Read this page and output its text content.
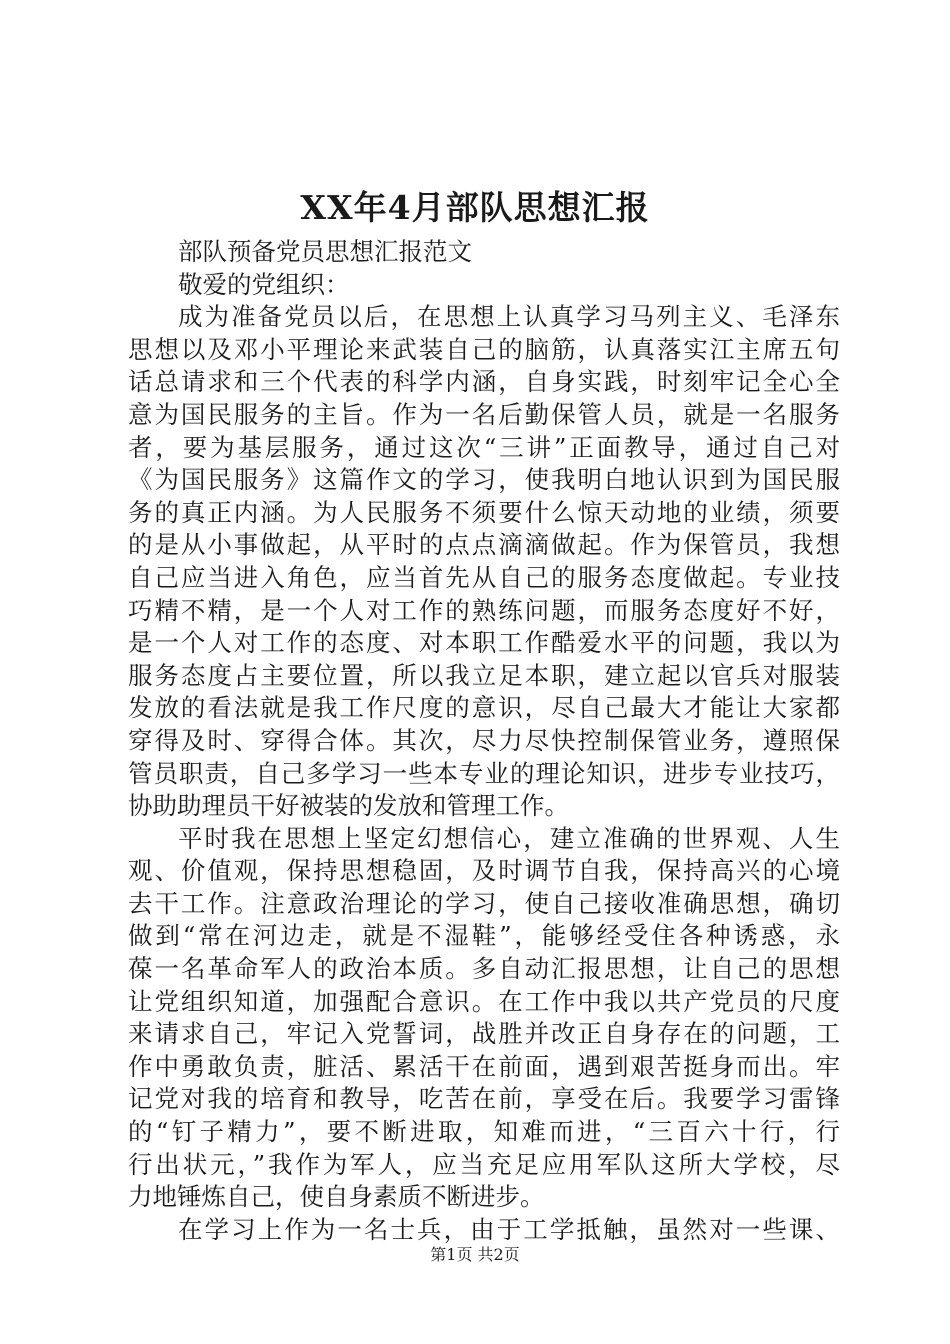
XX年4月部队思想汇报
部队预备党员思想汇报范文
敬爱的党组织：
成为准备党员以后，在思想上认真学习马列主义、毛泽东
思想以及邓小平理论来武装自己的脑筋，认真落实江主席五句
话总请求和三个代表的科学内涵，自身实践，时刻牢记全心全
意为国民服务的主旨。作为一名后勤保管人员，就是一名服务
者，要为基层服务，通过这次“三讲”正面教导，通过自己对
《为国民服务》这篇作文的学习，使我明白地认识到为国民服
务的真正内涵。为人民服务不须要什么惊天动地的业绩，须要
的是从小事做起，从平时的点点滴滴做起。作为保管员，我想
自己应当进入角色，应当首先从自己的服务态度做起。专业技
巧精不精，是一个人对工作的熟练问题，而服务态度好不好，
是一个人对工作的态度、对本职工作酷爱水平的问题，我以为
服务态度占主要位置，所以我立足本职，建立起以官兵对服装
发放的看法就是我工作尺度的意识，尽自己最大才能让大家都
穿得及时、穿得合体。其次，尽力尽快控制保管业务，遵照保
管员职责，自己多学习一些本专业的理论知识，进步专业技巧，
协助助理员干好被装的发放和管理工作。
平时我在思想上坚定幻想信心，建立准确的世界观、人生
观、价值观，保持思想稳固，及时调节自我，保持高兴的心境
去干工作。注意政治理论的学习，使自己接收准确思想，确切
做到“常在河边走，就是不湿鞋”，能够经受住各种诱惑，永
葆一名革命军人的政治本质。多自动汇报思想，让自己的思想
让党组织知道，加强配合意识。在工作中我以共产党员的尺度
来请求自己，牢记入党誓词，战胜并改正自身存在的问题，工
作中勇敢负责，脏活、累活干在前面，遇到艰苦挺身而出。牢
记党对我的培育和教导，吃苦在前，享受在后。我要学习雷锋
的“钉子精力”，要不断进取，知难而进，“三百六十行，行
行出状元，”我作为军人，应当充足应用军队这所大学校，尽
力地锤炼自己，使自身素质不断进步。
在学习上作为一名士兵，由于工学抵触，虽然对一些课、
第1页 共2页
